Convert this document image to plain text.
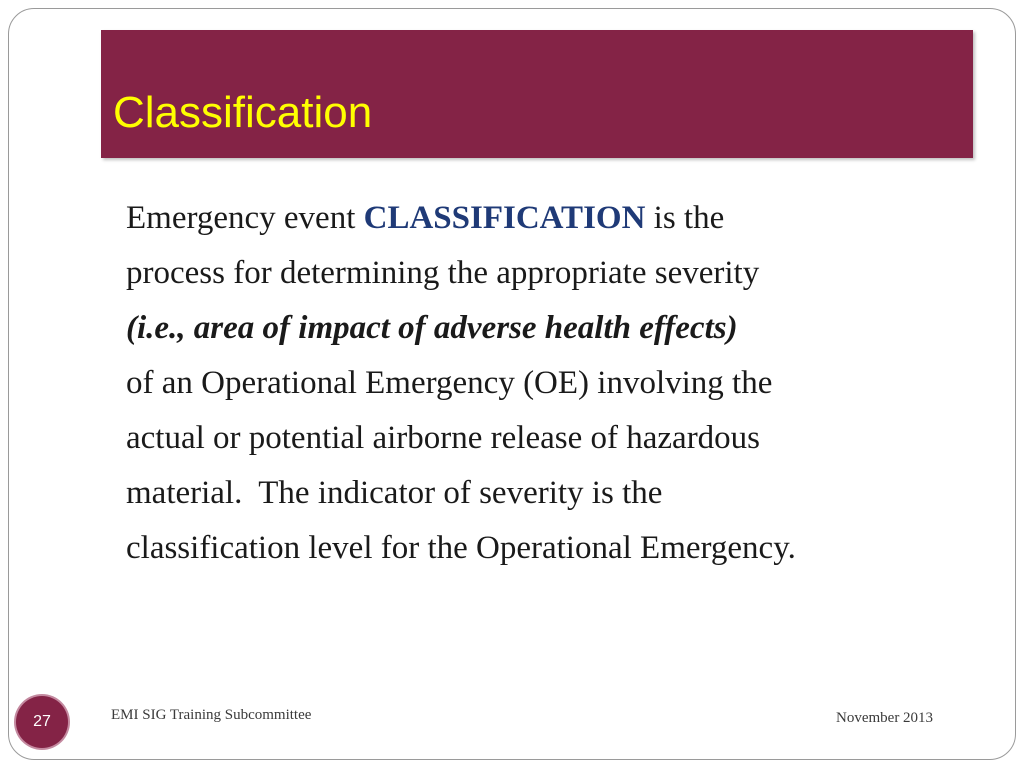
Classification
Emergency event CLASSIFICATION is the
process for determining the appropriate severity
(i.e., area of impact of adverse health effects)
of an Operational Emergency (OE) involving the
actual or potential airborne release of hazardous
material.  The indicator of severity is the
classification level for the Operational Emergency.
27	EMI SIG Training Subcommittee	November 2013
